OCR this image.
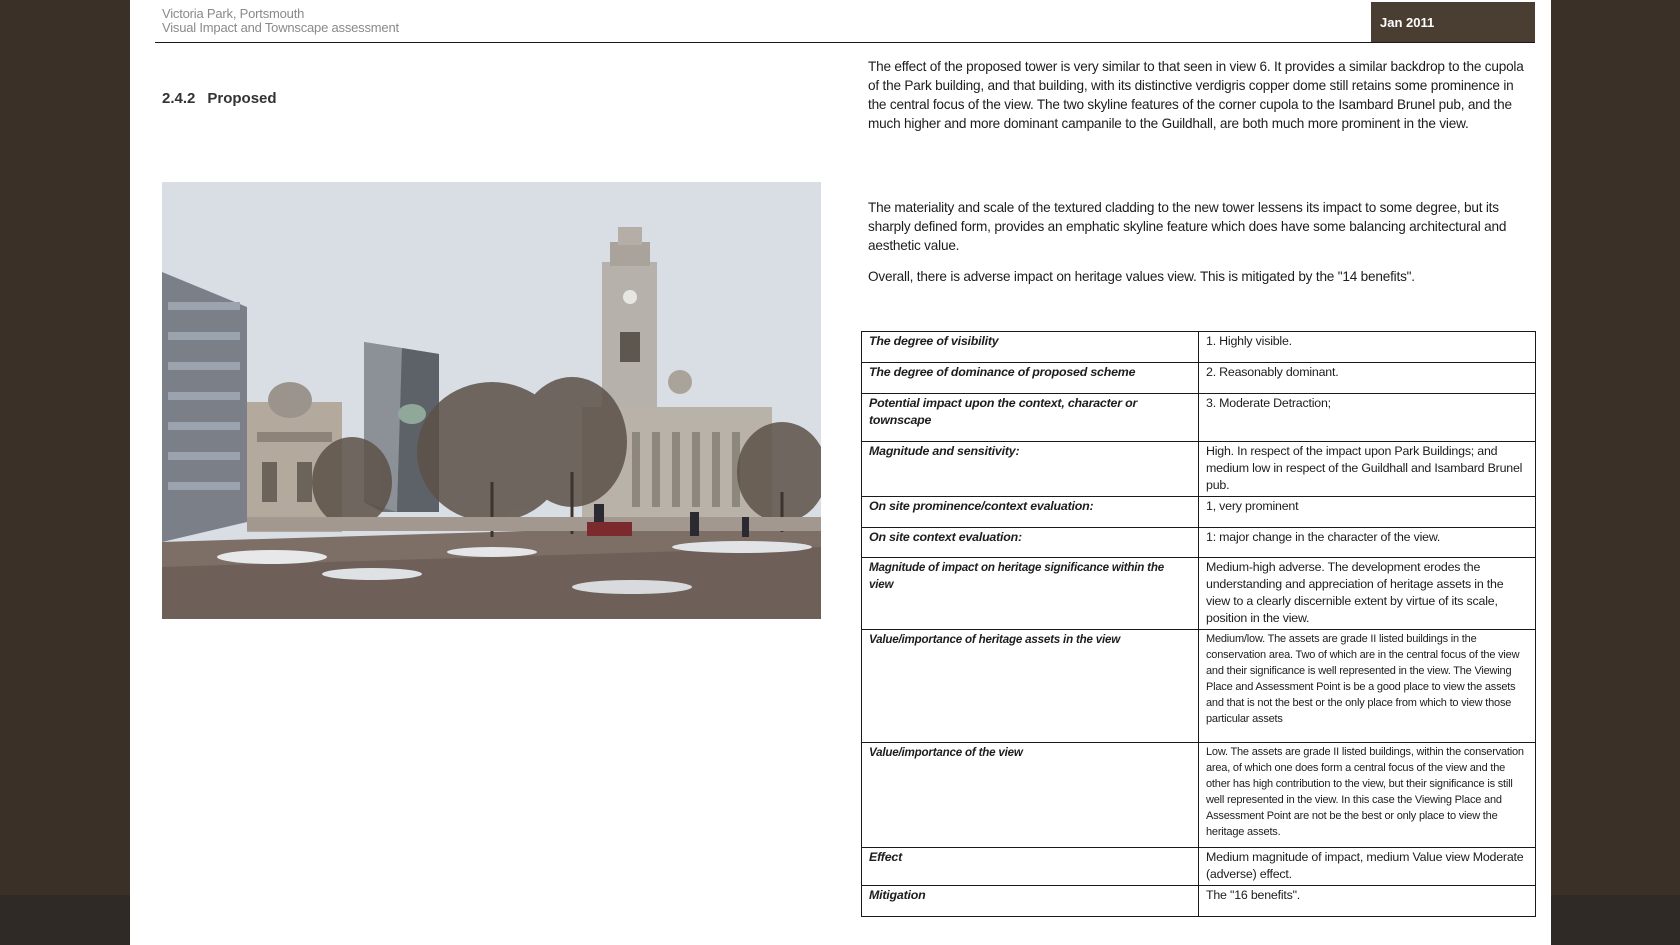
Victoria Park, Portsmouth
Visual Impact and Townscape assessment	Jan 2011
2.4.2 Proposed
The effect of the proposed tower is very similar to that seen in view 6. It provides a similar backdrop to the cupola of the Park building, and that building, with its distinctive verdigris copper dome still retains some prominence in the central focus of the view. The two skyline features of the corner cupola to the Isambard Brunel pub, and the much higher and more dominant campanile to the Guildhall, are both much more prominent in the view.
The materiality and scale of the textured cladding to the new tower lessens its impact to some degree, but its sharply defined form, provides an emphatic skyline feature which does have some balancing architectural and aesthetic value.
Overall, there is adverse impact on heritage values view. This is mitigated by the "14 benefits".
The degree of visibility	1. Highly visible.
The degree of dominance of proposed scheme	2. Reasonably dominant.
Potential impact upon the context, character or townscape	3. Moderate Detraction;
Magnitude and sensitivity:	High. In respect of the impact upon Park Buildings; and medium low in respect of the Guildhall and Isambard Brunel pub.
On site prominence/context evaluation:	1, very prominent
On site context evaluation:	1: major change in the character of the view.
Magnitude of impact on heritage significance within the view	Medium-high adverse. The development erodes the understanding and appreciation of heritage assets in the view to a clearly discernible extent by virtue of its scale, position in the view.
Value/importance of heritage assets in the view	Medium/low. The assets are grade II listed buildings in the conservation area. Two of which are in the central focus of the view and their significance is well represented in the view. The Viewing Place and Assessment Point is be a good place to view the assets and that is not the best or the only place from which to view those particular assets
Value/importance of the view	Low. The assets are grade II listed buildings, within the conservation area, of which one does form a central focus of the view and the other has high contribution to the view, but their significance is still well represented in the view. In this case the Viewing Place and Assessment Point are not be the best or only place to view the heritage assets.
Effect	Medium magnitude of impact, medium Value view Moderate (adverse) effect.
Mitigation	The "16 benefits".
